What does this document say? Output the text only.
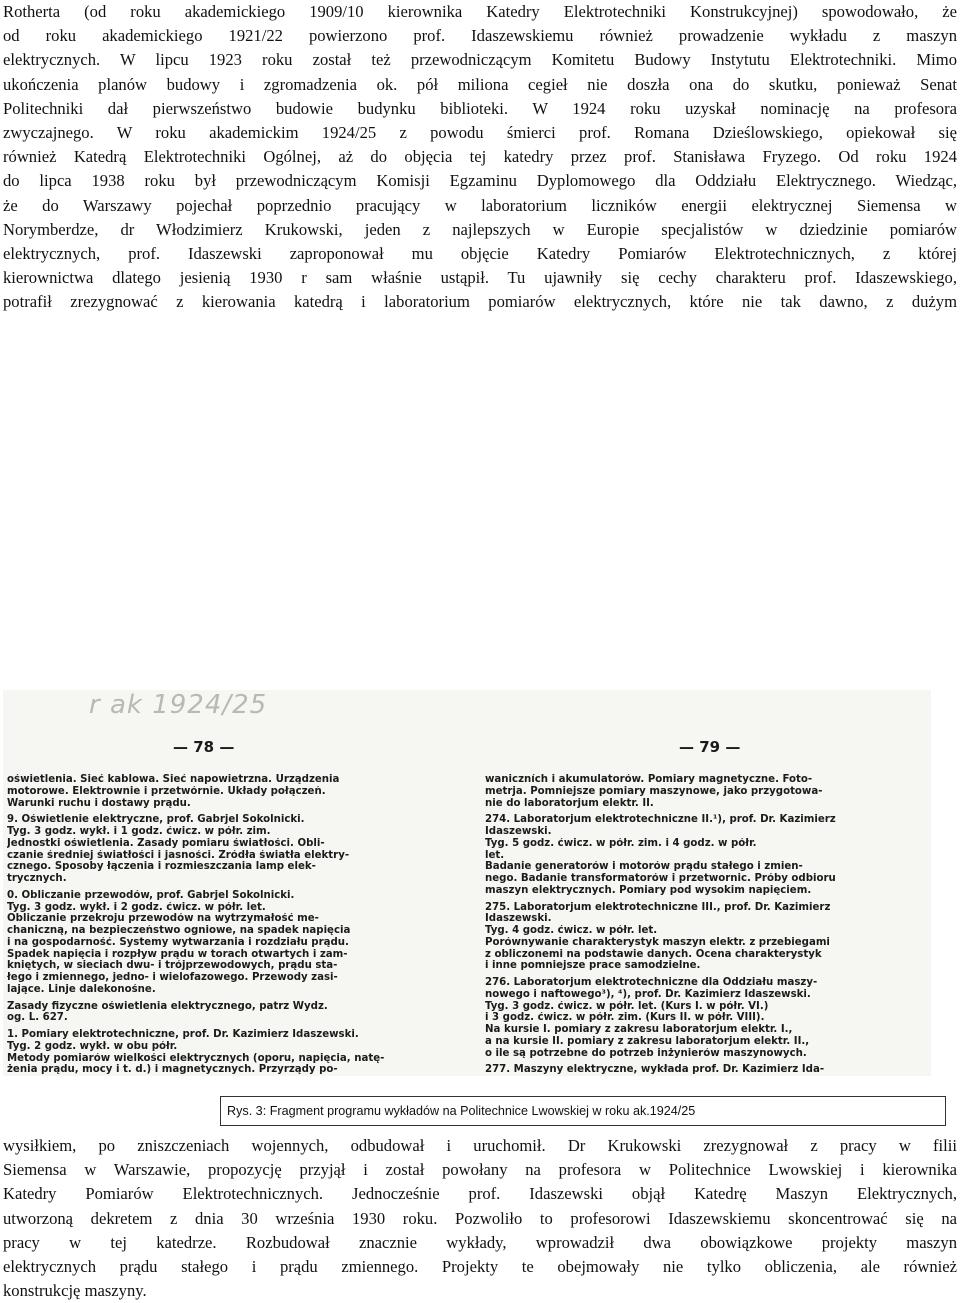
Rotherta (od roku akademickiego 1909/10 kierownika Katedry Elektrotechniki Konstrukcyjnej) spowodowało, że
od roku akademickiego 1921/22 powierzono prof. Idaszewskiemu również prowadzenie wykładu z maszyn
elektrycznych. W lipcu 1923 roku został też przewodniczącym Komitetu Budowy Instytutu Elektrotechniki. Mimo
ukończenia planów budowy i zgromadzenia ok. pół miliona cegieł nie doszła ona do skutku, ponieważ Senat
Politechniki dał pierwszeństwo budowie budynku biblioteki. W 1924 roku uzyskał nominację na profesora
zwyczajnego. W roku akademickim 1924/25 z powodu śmierci prof. Romana Dzieślowskiego, opiekował się
również Katedrą Elektrotechniki Ogólnej, aż do objęcia tej katedry przez prof. Stanisława Fryzego. Od roku 1924
do lipca 1938 roku był przewodniczącym Komisji Egzaminu Dyplomowego dla Oddziału Elektrycznego. Wiedząc,
że do Warszawy pojechał poprzednio pracujący w laboratorium liczników energii elektrycznej Siemensa w
Norymberdze, dr Włodzimierz Krukowski, jeden z najlepszych w Europie specjalistów w dziedzinie pomiarów
elektrycznych, prof. Idaszewski zaproponował mu objęcie Katedry Pomiarów Elektrotechnicznych, z której
kierownictwa dlatego jesienią 1930 r sam właśnie ustąpił. Tu ujawniły się cechy charakteru prof. Idaszewskiego,
potrafił zrezygnować z kierowania katedrą i laboratorium pomiarów elektrycznych, które nie tak dawno, z dużym
r ak 1924/25
— 78 —	— 79 —
oświetlenia. Sieć kablowa. Sieć napowietrzna. Urządzenia
motorowe. Elektrownie i przetwórnie. Układy połączeń.
Warunki ruchu i dostawy prądu.
9. Oświetlenie elektryczne, prof. Gabrjel Sokolnicki.
Tyg. 3 godz. wykł. i 1 godz. ćwicz. w półr. zim.
Jednostki oświetlenia. Zasady pomiaru światłości. Obli-
czanie średniej światłości i jasności. Źródła światła elektry-
cznego. Sposoby łączenia i rozmieszczania lamp elek-
trycznych.
0. Obliczanie przewodów, prof. Gabrjel Sokolnicki.
Tyg. 3 godz. wykł. i 2 godz. ćwicz. w półr. let.
Obliczanie przekroju przewodów na wytrzymałość me-
chaniczną, na bezpieczeństwo ogniowe, na spadek napięcia
i na gospodarność. Systemy wytwarzania i rozdziału prądu.
Spadek napięcia i rozpływ prądu w torach otwartych i zam-
kniętych, w sieciach dwu- i trójprzewodowych, prądu sta-
łego i zmiennego, jedno- i wielofazowego. Przewody zasi-
lające. Linje dalekonośne.
Zasady fizyczne oświetlenia elektrycznego, patrz Wydz.
og. L. 627.
1. Pomiary elektrotechniczne, prof. Dr. Kazimierz Idaszewski.
Tyg. 2 godz. wykł. w obu półr.
Metody pomiarów wielkości elektrycznych (oporu, napięcia, natę-
żenia prądu, mocy i t. d.) i magnetycznych. Przyrządy po-
waniczních i akumulatorów. Pomiary magnetyczne. Foto-
metrja. Pomniejsze pomiary maszynowe, jako przygotowa-
nie do laboratorjum elektr. II.
274. Laboratorjum elektrotechniczne II.¹), prof. Dr. Kazimierz
Idaszewski.
Tyg. 5 godz. ćwicz. w półr. zim. i 4 godz. w półr.
let.
Badanie generatorów i motorów prądu stałego i zmien-
nego. Badanie transformatorów i przetwornic. Próby odbioru
maszyn elektrycznych. Pomiary pod wysokim napięciem.
275. Laboratorjum elektrotechniczne III., prof. Dr. Kazimierz
Idaszewski.
Tyg. 4 godz. ćwicz. w półr. let.
Porównywanie charakterystyk maszyn elektr. z przebiegami
z obliczonemi na podstawie danych. Ocena charakterystyk
i inne pomniejsze prace samodzielne.
276. Laboratorjum elektrotechniczne dla Oddziału maszy-
nowego i naftowego³), ⁴), prof. Dr. Kazimierz Idaszewski.
Tyg. 3 godz. ćwicz. w półr. let. (Kurs I. w półr. VI.)
i 3 godz. ćwicz. w półr. zim. (Kurs II. w półr. VIII).
Na kursie I. pomiary z zakresu laboratorjum elektr. I.,
a na kursie II. pomiary z zakresu laboratorjum elektr. II.,
o ile są potrzebne do potrzeb inżynierów maszynowych.
277. Maszyny elektryczne, wykłada prof. Dr. Kazimierz Ida-
Rys. 3: Fragment programu wykładów na Politechnice Lwowskiej w roku ak.1924/25
wysiłkiem, po zniszczeniach wojennych, odbudował i uruchomił. Dr Krukowski zrezygnował z pracy w filii
Siemensa w Warszawie, propozycję przyjął i został powołany na profesora w Politechnice Lwowskiej i kierownika
Katedry Pomiarów Elektrotechnicznych. Jednocześnie prof. Idaszewski objął Katedrę Maszyn Elektrycznych,
utworzoną dekretem z dnia 30 września 1930 roku. Pozwoliło to profesorowi Idaszewskiemu skoncentrować się na
pracy w tej katedrze. Rozbudował znacznie wykłady, wprowadził dwa obowiązkowe projekty maszyn
elektrycznych prądu stałego i prądu zmiennego. Projekty te obejmowały nie tylko obliczenia, ale również
konstrukcję maszyny.
